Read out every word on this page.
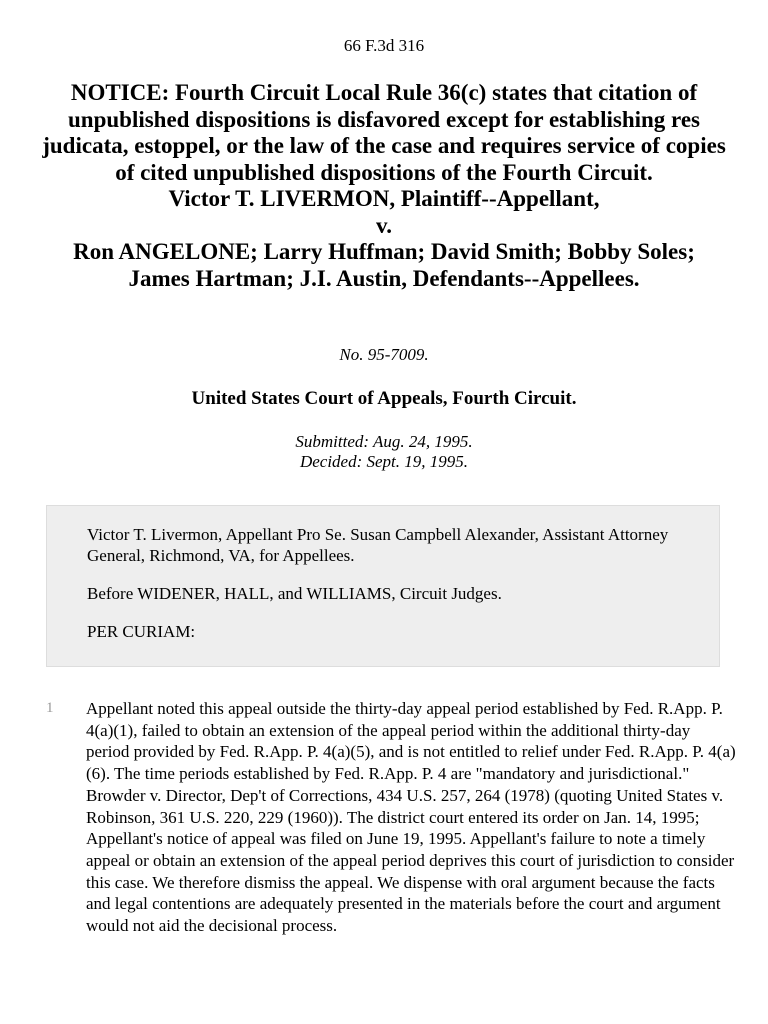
66 F.3d 316
NOTICE: Fourth Circuit Local Rule 36(c) states that citation of unpublished dispositions is disfavored except for establishing res judicata, estoppel, or the law of the case and requires service of copies of cited unpublished dispositions of the Fourth Circuit.
Victor T. LIVERMON, Plaintiff--Appellant,
v.
Ron ANGELONE; Larry Huffman; David Smith; Bobby Soles; James Hartman; J.I. Austin, Defendants--Appellees.
No. 95-7009.
United States Court of Appeals, Fourth Circuit.
Submitted: Aug. 24, 1995.
Decided: Sept. 19, 1995.

Victor T. Livermon, Appellant Pro Se. Susan Campbell Alexander, Assistant Attorney General, Richmond, VA, for Appellees.

Before WIDENER, HALL, and WILLIAMS, Circuit Judges.

PER CURIAM:

1 Appellant noted this appeal outside the thirty-day appeal period established by Fed. R.App. P. 4(a)(1), failed to obtain an extension of the appeal period within the additional thirty-day period provided by Fed. R.App. P. 4(a)(5), and is not entitled to relief under Fed. R.App. P. 4(a)(6). The time periods established by Fed. R.App. P. 4 are "mandatory and jurisdictional." Browder v. Director, Dep't of Corrections, 434 U.S. 257, 264 (1978) (quoting United States v. Robinson, 361 U.S. 220, 229 (1960)). The district court entered its order on Jan. 14, 1995; Appellant's notice of appeal was filed on June 19, 1995. Appellant's failure to note a timely appeal or obtain an extension of the appeal period deprives this court of jurisdiction to consider this case. We therefore dismiss the appeal. We dispense with oral argument because the facts and legal contentions are adequately presented in the materials before the court and argument would not aid the decisional process.
